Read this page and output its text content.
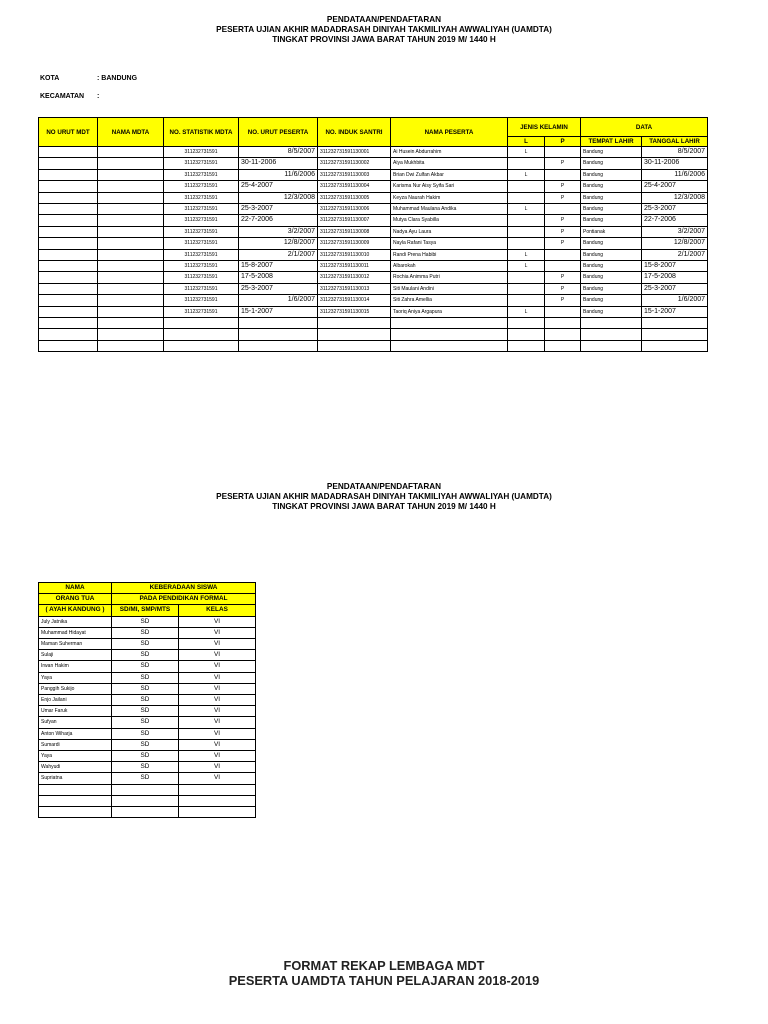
PENDATAAN/PENDAFTARAN
PESERTA UJIAN AKHIR MADADRASAH DINIYAH TAKMILIYAH AWWALIYAH (UAMDTA)
TINGKAT PROVINSI JAWA BARAT TAHUN 2019 M/ 1440 H
KOTA	: BANDUNG
KECAMATAN :
NO URUT MDT	NAMA MDTA	NO. STATISTIK MDTA	NO. URUT PESERTA	NO. INDUK SANTRI	NAMA PESERTA	JENIS KELAMIN		DATA	
						L	P	TEMPAT LAHIR	TANGGAL LAHIR
		311232731591	8/5/2007	311232731591130001	Ai Husein Abdurrahim	L		Bandung	8/5/2007
		311232731591	30-11-2006	311232731591130002	Aiya Mukhbita		P	Bandung	30-11-2006
		311232731591	11/6/2006	311232731591130003	Brian Dwi Zulfan Akbar	L		Bandung	11/6/2006
		311232731591	25-4-2007	311232731591130004	Karisma Nur Aisy Syifa Sari		P	Bandung	25-4-2007
		311232731591	12/3/2008	311232731591130005	Keyza Naurah Hakim		P	Bandung	12/3/2008
		311232731591	25-3-2007	311232731591130006	Muhammad Maulana Andika	L		Bandung	25-3-2007
		311232731591	22-7-2006	311232731591130007	Mutya Clara Syabilla		P	Bandung	22-7-2006
		311232731591	3/2/2007	311232731591130008	Nadya Ayu Laura		P	Pontianak	3/2/2007
		311232731591	12/8/2007	311232731591130009	Nayla Rafani Tasya		P	Bandung	12/8/2007
		311232731591	2/1/2007	311232731591130010	Randi Prena Habibi	L		Bandung	2/1/2007
		311232731591	15-8-2007	311232731591130011	Albarokah	L		Bandung	15-8-2007
		311232731591	17-5-2008	311232731591130012	Rochia Animma Putri		P	Bandung	17-5-2008
		311232731591	25-3-2007	311232731591130013	Siti Maulani Andini		P	Bandung	25-3-2007
		311232731591	1/6/2007	311232731591130014	Siti Zahra Amellia		P	Bandung	1/6/2007
		311232731591	15-1-2007	311232731591130015	Taoriq Aniya Argapura	L		Bandung	15-1-2007

PENDATAAN/PENDAFTARAN
PESERTA UJIAN AKHIR MADADRASAH DINIYAH TAKMILIYAH AWWALIYAH (UAMDTA)
TINGKAT PROVINSI JAWA BARAT TAHUN 2019 M/ 1440 H
NAMA	KEBERADAAN SISWA	
ORANG TUA	PADA PENDIDIKAN FORMAL	
( AYAH KANDUNG )	SD/MI, SMP/MTS	KELAS
July Jatnika	SD	VI
Muhammad Hidayat	SD	VI
Maman Suherman	SD	VI
Sulaji	SD	VI
Irwan Hakim	SD	VI
Yaya	SD	VI
Panggih Sukijo	SD	VI
Enjo Jailani	SD	VI
Umar Faruk	SD	VI
Sufyan	SD	VI
Anton Wiharja	SD	VI
Sumardi	SD	VI
Yaya	SD	VI
Wahyudi	SD	VI
Supriatna	SD	VI

FORMAT REKAP LEMBAGA MDT
PESERTA UAMDTA TAHUN PELAJARAN 2018-2019
